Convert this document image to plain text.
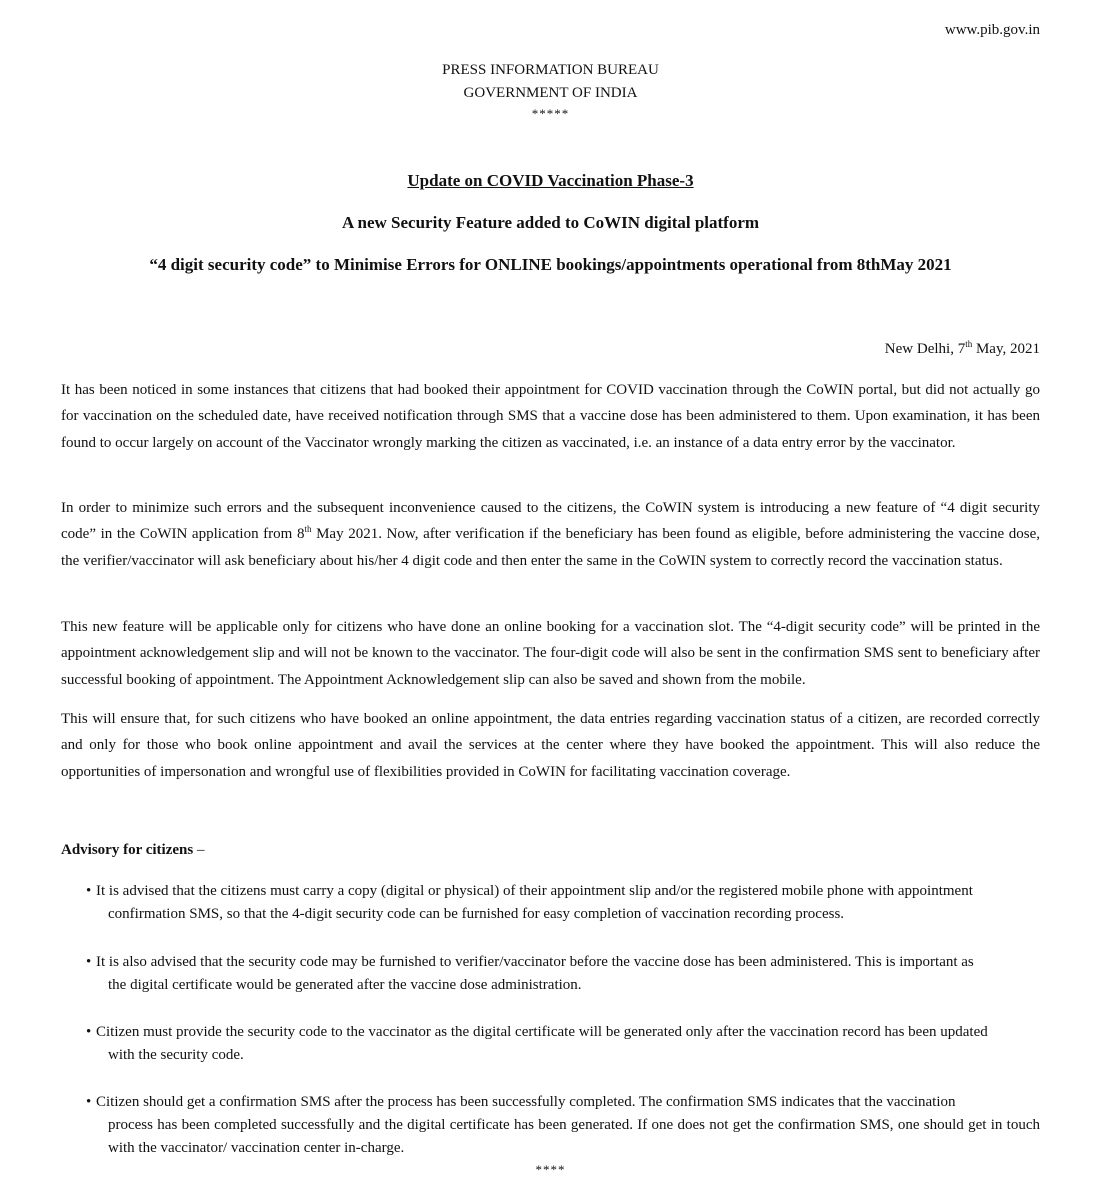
www.pib.gov.in
PRESS INFORMATION BUREAU
GOVERNMENT OF INDIA
*****
Update on COVID Vaccination Phase-3
A new Security Feature added to CoWIN digital platform
“4 digit security code” to Minimise Errors for ONLINE bookings/appointments operational from 8thMay 2021
New Delhi, 7th May, 2021

It has been noticed in some instances that citizens that had booked their appointment for COVID vaccination through the CoWIN portal, but did not actually go for vaccination on the scheduled date, have received notification through SMS that a vaccine dose has been administered to them. Upon examination, it has been found to occur largely on account of the Vaccinator wrongly marking the citizen as vaccinated, i.e. an instance of a data entry error by the vaccinator.

In order to minimize such errors and the subsequent inconvenience caused to the citizens, the CoWIN system is introducing a new feature of “4 digit security code” in the CoWIN application from 8th May 2021. Now, after verification if the beneficiary has been found as eligible, before administering the vaccine dose, the verifier/vaccinator will ask beneficiary about his/her 4 digit code and then enter the same in the CoWIN system to correctly record the vaccination status.

This new feature will be applicable only for citizens who have done an online booking for a vaccination slot. The “4-digit security code” will be printed in the appointment acknowledgement slip and will not be known to the vaccinator. The four-digit code will also be sent in the confirmation SMS sent to beneficiary after successful booking of appointment. The Appointment Acknowledgement slip can also be saved and shown from the mobile.

This will ensure that, for such citizens who have booked an online appointment, the data entries regarding vaccination status of a citizen, are recorded correctly and only for those who book online appointment and avail the services at the center where they have booked the appointment. This will also reduce the opportunities of impersonation and wrongful use of flexibilities provided in CoWIN for facilitating vaccination coverage.

Advisory for citizens –
• It is advised that the citizens must carry a copy (digital or physical) of their appointment slip and/or the registered mobile phone with appointment
confirmation SMS, so that the 4-digit security code can be furnished for easy completion of vaccination recording process.
• It is also advised that the security code may be furnished to verifier/vaccinator before the vaccine dose has been administered. This is important as
the digital certificate would be generated after the vaccine dose administration.
• Citizen must provide the security code to the vaccinator as the digital certificate will be generated only after the vaccination record has been updated
with the security code.
• Citizen should get a confirmation SMS after the process has been successfully completed. The confirmation SMS indicates that the vaccination
process has been completed successfully and the digital certificate has been generated. If one does not get the confirmation SMS, one should get in touch with the vaccinator/ vaccination center in-charge.
****
